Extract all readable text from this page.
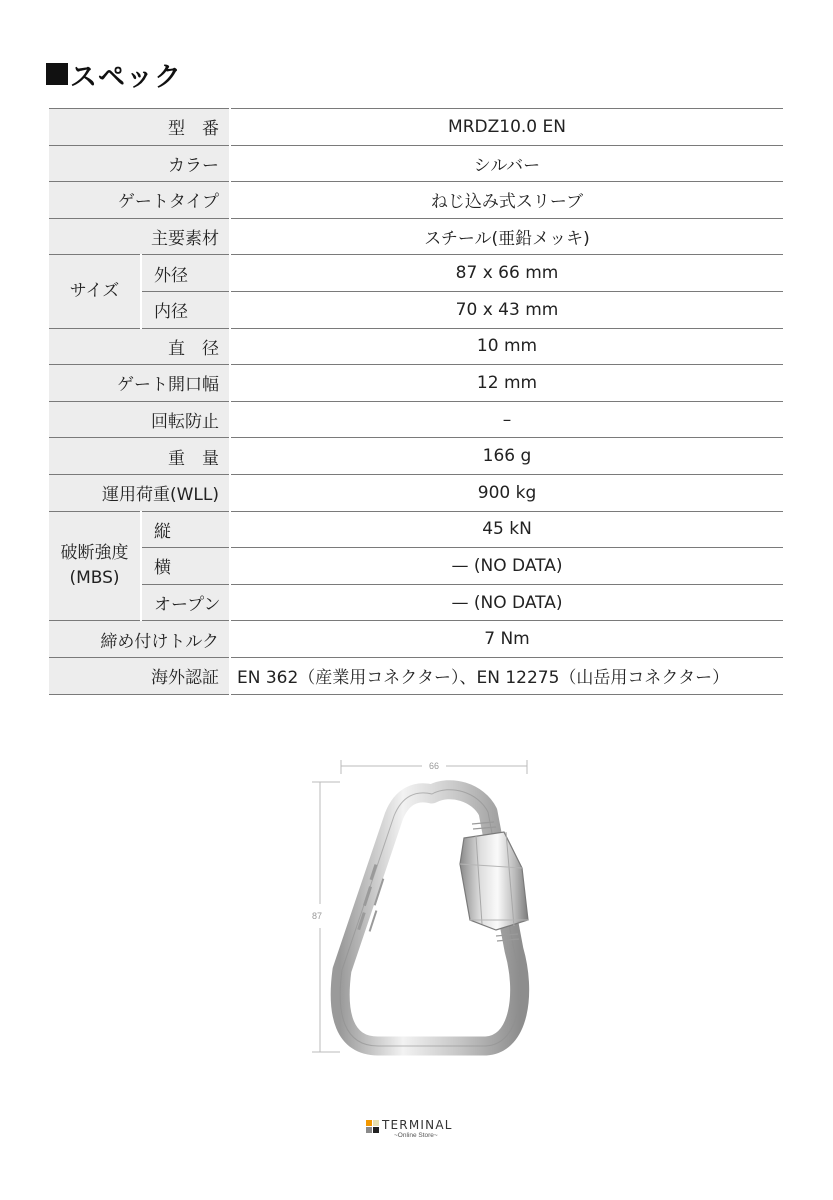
スペック
型　番		MRDZ10.0 EN
カラー		シルバー
ゲートタイプ		ねじ込み式スリーブ
主要素材		スチール(亜鉛メッキ)
サイズ	外径	87 x 66 mm
	内径	70 x 43 mm
直　径		10 mm
ゲート開口幅		12 mm
回転防止		–
重　量		166 g
運用荷重(WLL)		900 kg
破断強度
(MBS)	縦	45 kN
	横	— (NO DATA)
	オープン	— (NO DATA)
締め付けトルク		7 Nm
海外認証		EN 362（産業用コネクター）、EN 12275（山岳用コネクター）
66
87
TERMINAL
~Online Store~
